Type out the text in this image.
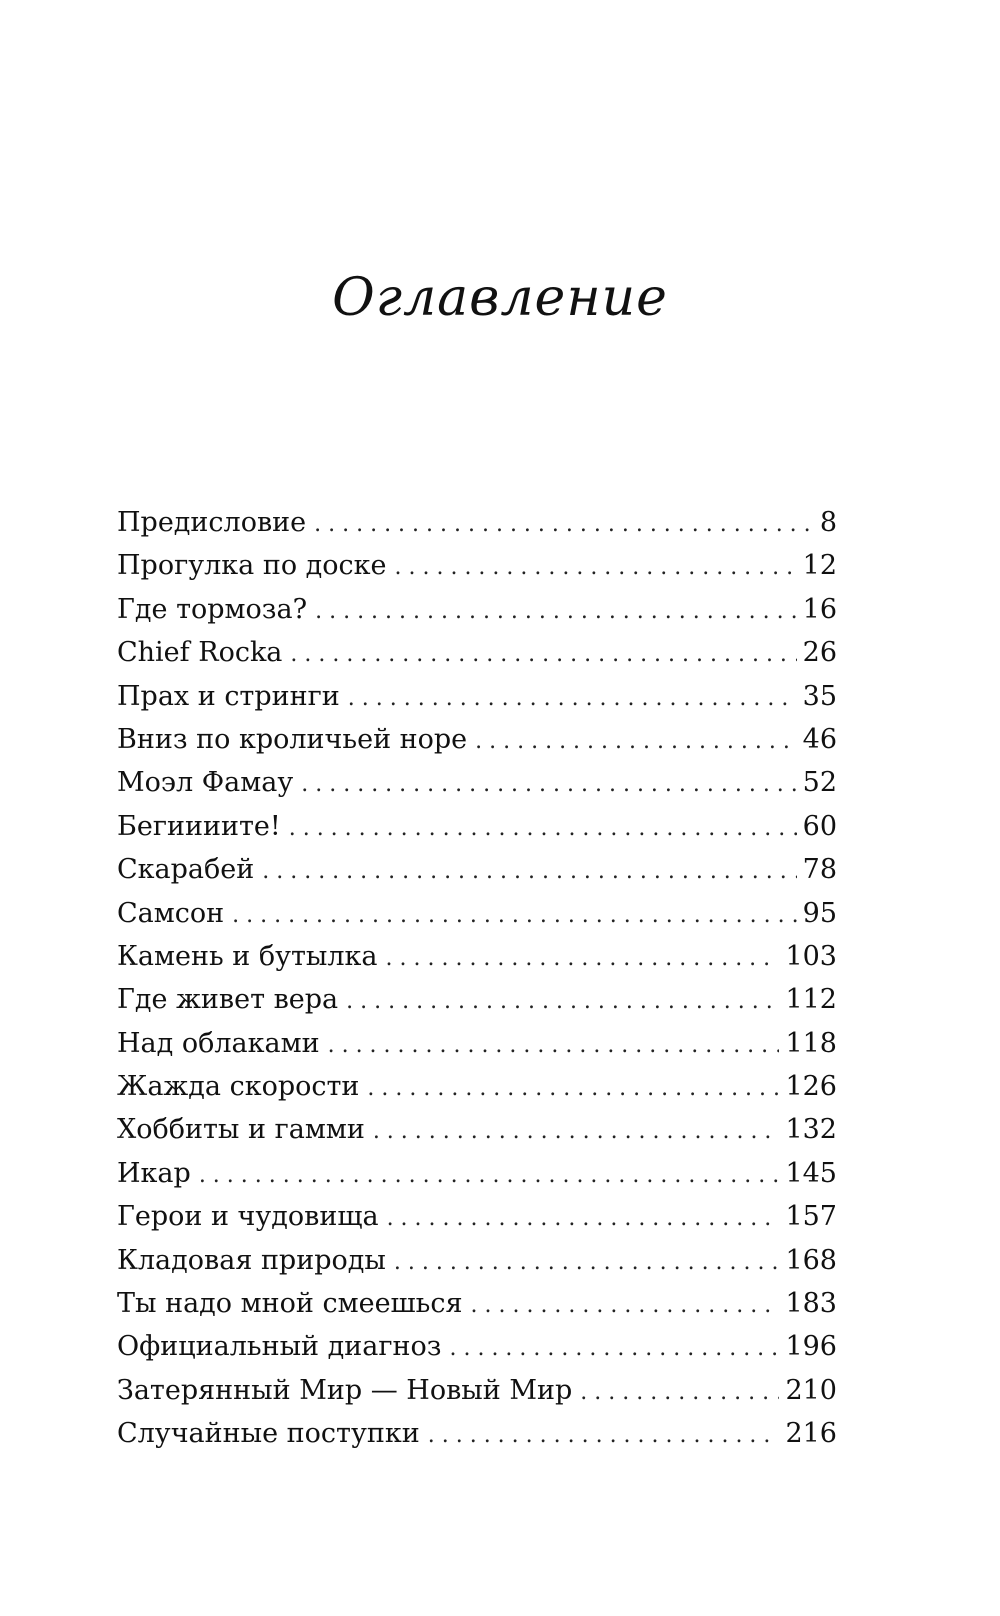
Оглавление
Предисловие . . .	8
Прогулка по доске . . .	12
Где тормоза? . . .	16
Chief Rocka . . .	26
Прах и стринги . . .	35
Вниз по кроличьей норе . . .	46
Моэл Фамау . . .	52
Бегиииите! . . .	60
Скарабей . . .	78
Самсон . . .	95
Камень и бутылка . . .	103
Где живет вера . . .	112
Над облаками . . .	118
Жажда скорости . . .	126
Хоббиты и гамми . . .	132
Икар . . .	145
Герои и чудовища . . .	157
Кладовая природы . . .	168
Ты надо мной смеешься . . .	183
Официальный диагноз . . .	196
Затерянный Мир — Новый Мир . . .	210
Случайные поступки . . .	216
